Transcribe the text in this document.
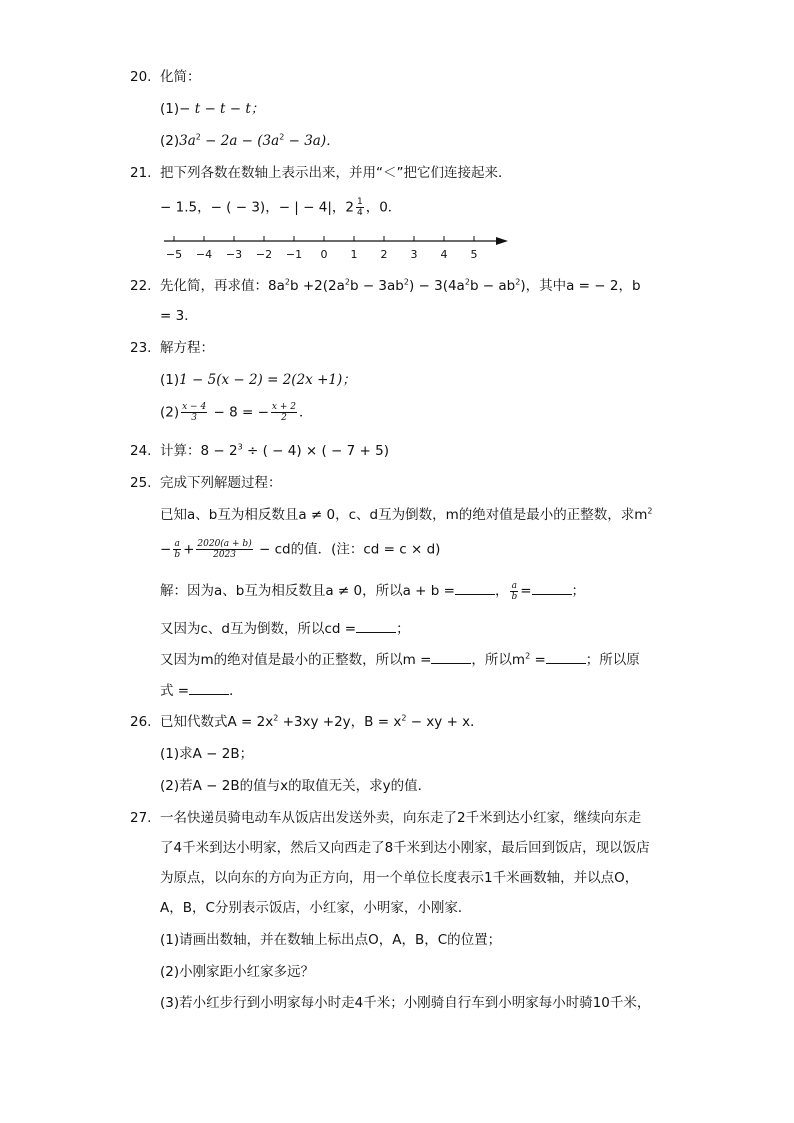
20. 化简：
(1)− t − t − t；
$(2)3a^2 - 2a - (3a^2 - 3a)$．
21. 把下列各数在数轴上表示出来，并用“＜”把它们连接起来．
− 1.5，− ( − 3)，− | − 4|，$2 \frac{1}{4}$ ，0．
−5 −4 −3 −2 −1 0 1 2 3 4 5
22. 先化简，再求值：$8a^2b +2(2a^2b - 3ab^2) - 3(4a^2b - ab^2)$，其中a = − 2，b
= 3．
23. 解方程：
(1)1 − 5(x − 2) = 2(2x +1)；
$(2) \frac{x - 4}{3} - 8$ = − $\frac{x + 2}{2}$ ．
24. 计算：$8 - 2^3$ ÷ ( − 4) × ( − 7 + 5)
25. 完成下列解题过程：
已知a、b互为相反数且a ≠ 0，c、d互为倒数，m的绝对值是最小的正整数，求$m^2$
− $\frac{a}{b} + \frac{2020(a + b)}{2023}$ − cd的值．(注：cd = c × d)
解：因为a、b互为相反数且a ≠ 0，所以a + b =	， $\frac{a}{b}$ =	；
又因为c、d互为倒数，所以cd =	；
又因为m的绝对值是最小的正整数，所以m =	，所以$m^2$ =	；所以原
式 =	．
26. 已知代数式$A = 2x^2 +3xy +2y$，$B = x^2$ − xy + x．
(1)求A − 2B；
(2)若A − 2B的值与x的取值无关，求y的值．
27. 一名快递员骑电动车从饭店出发送外卖，向东走了2千米到达小红家，继续向东走
了4千米到达小明家，然后又向西走了8千米到达小刚家，最后回到饭店，现以饭店
为原点，以向东的方向为正方向，用一个单位长度表示1千米画数轴，并以点O，
A，B，C分别表示饭店，小红家，小明家，小刚家．
(1)请画出数轴，并在数轴上标出点O，A，B，C的位置；
(2)小刚家距小红家多远？
(3)若小红步行到小明家每小时走4千米；小刚骑自行车到小明家每小时骑10千米，
